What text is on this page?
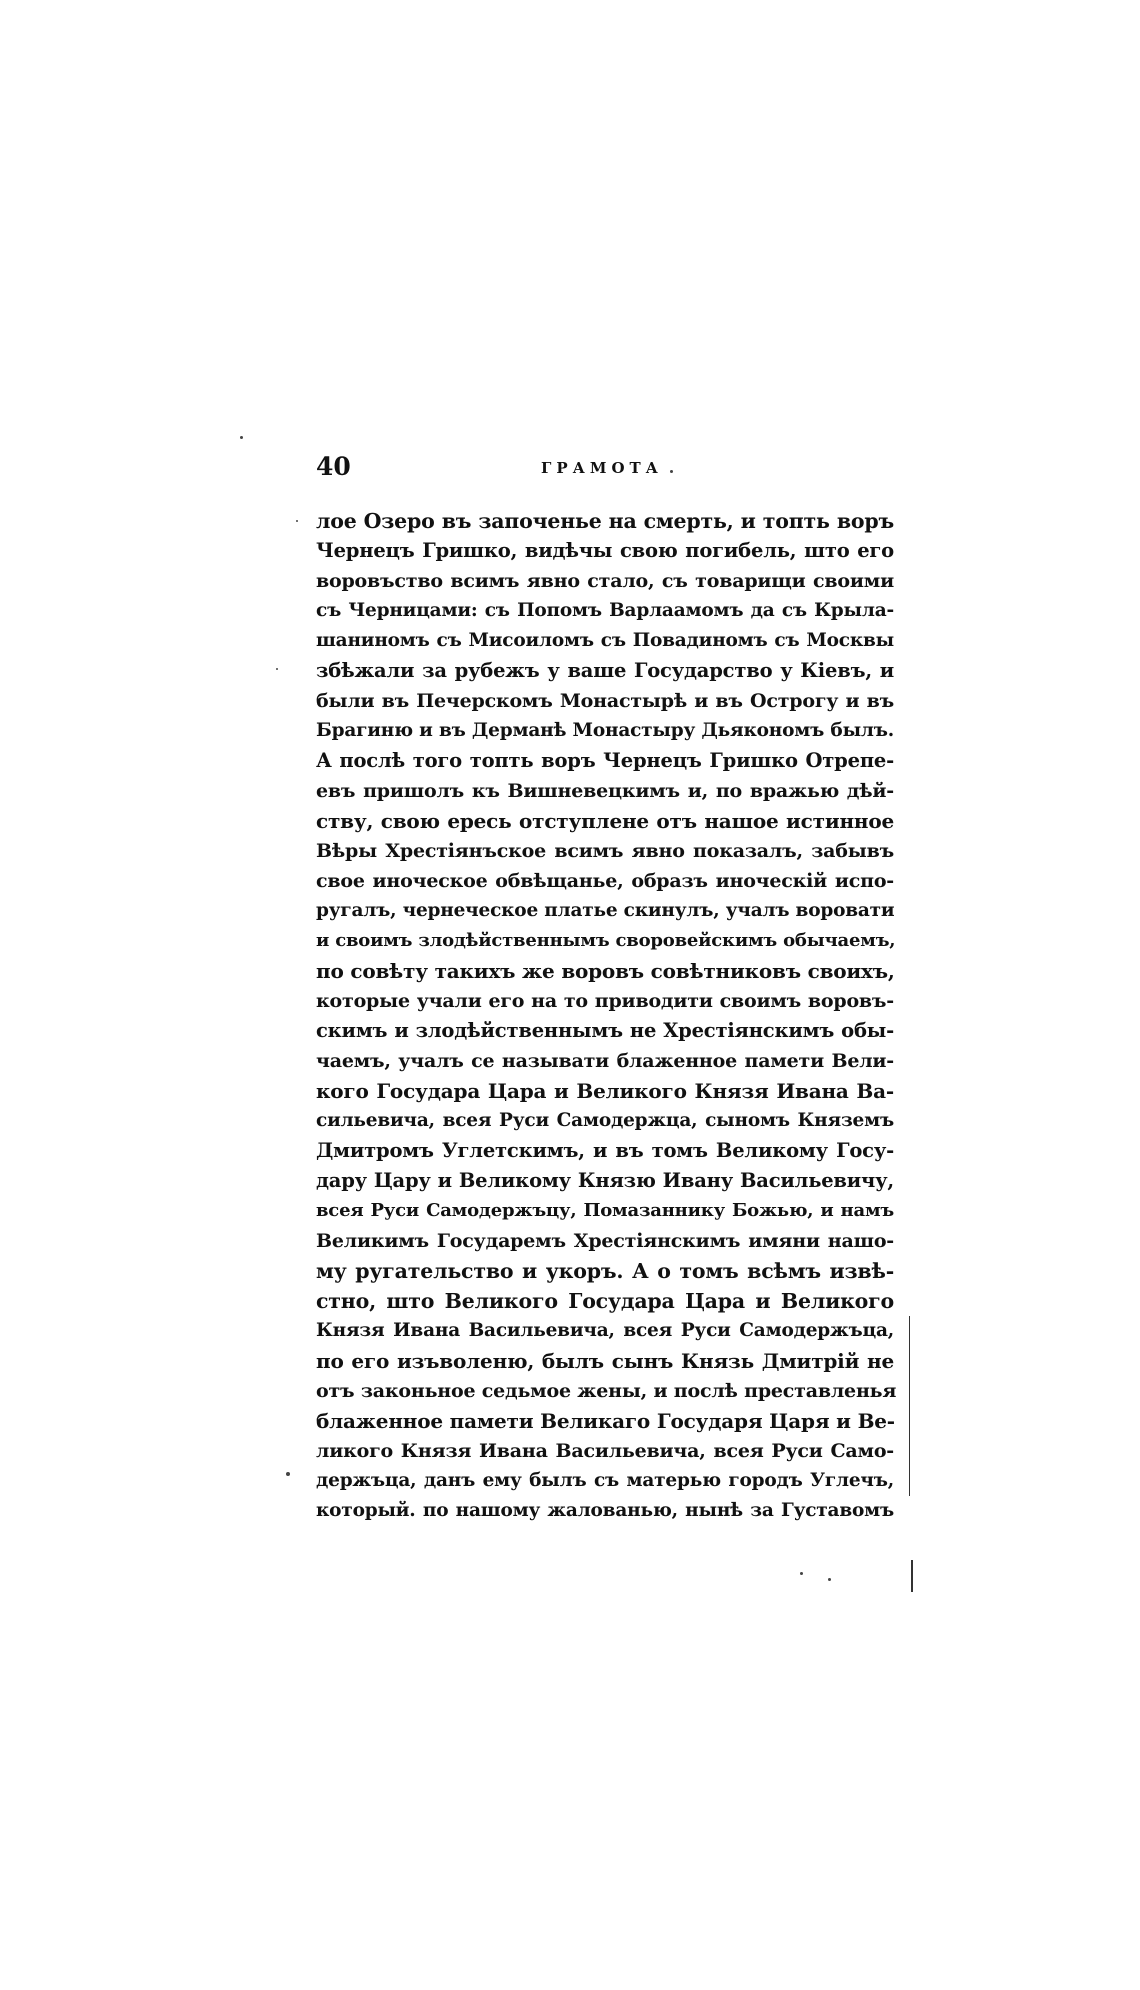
40	ГРАМОТА
лое Озеро въ започенье на смерть, и топть воръ
Чернецъ Гришко, видѣчы свою погибель, што его
воровъство всимъ явно стало, съ товарищи своими
съ Черницами: съ Попомъ Варлаамомъ да съ Крыла-
шаниномъ съ Мисоиломъ съ Повадиномъ съ Москвы
збѣжали за рубежъ у ваше Государство у Кіевъ, и
были въ Печерскомъ Монастырѣ и въ Острогу и въ
Брагиню и въ Дерманѣ Монастыру Дьякономъ былъ.
А послѣ того топть воръ Чернецъ Гришко Отрепе-
евъ пришолъ къ Вишневецкимъ и, по вражью дѣй-
ству, свою ересь отступлене отъ нашое истинное
Вѣры Хрестіянъское всимъ явно показалъ, забывъ
свое иноческое обвѣщанье, образъ иноческій испо-
ругалъ, чернеческое платье скинулъ, учалъ воровати
и своимъ злодѣйственнымъ своровейскимъ обычаемъ,
по совѣту такихъ же воровъ совѣтниковъ своихъ,
которые учали его на то приводити своимъ воровъ-
скимъ и злодѣйственнымъ не Хрестіянскимъ обы-
чаемъ, учалъ се называти блаженное памети Вели-
кого Государа Цара и Великого Князя Ивана Ва-
сильевича, всея Руси Самодержца, сыномъ Княземъ
Дмитромъ Углетскимъ, и въ томъ Великому Госу-
дару Цару и Великому Князю Ивану Васильевичу,
всея Руси Самодержъцу, Помазаннику Божью, и намъ
Великимъ Государемъ Хрестіянскимъ имяни нашо-
му ругательство и укоръ. А о томъ всѣмъ извѣ-
стно, што Великого Государа Цара и Великого
Князя Ивана Васильевича, всея Руси Самодержъца,
по его изъволеню, былъ сынъ Князь Дмитрій не
отъ законьное седьмое жены, и послѣ преставленья
блаженное памети Великаго Государя Царя и Ве-
ликого Князя Ивана Васильевича, всея Руси Само-
держъца, данъ ему былъ съ матерью городъ Углечъ,
который. по нашому жалованью, нынѣ за Густавомъ
